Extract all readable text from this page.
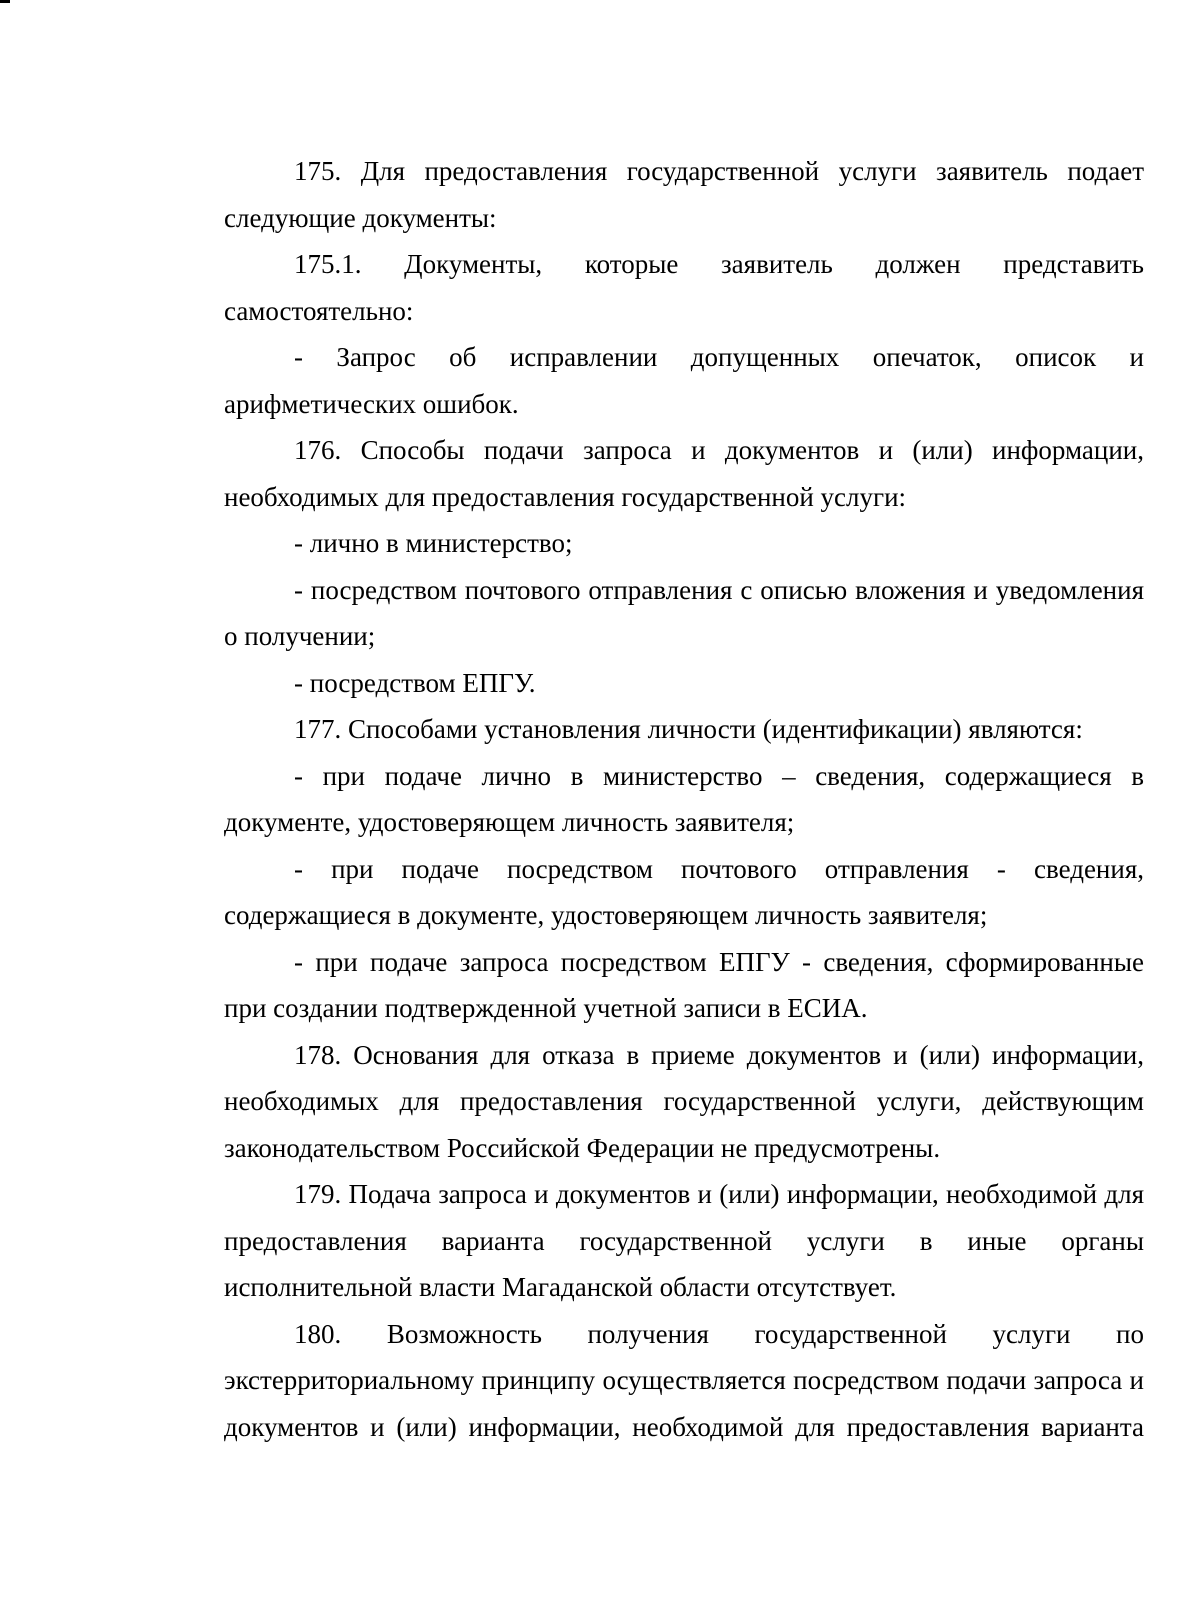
175. Для предоставления государственной услуги заявитель подает следующие документы:

175.1. Документы, которые заявитель должен представить самостоятельно:

- Запрос об исправлении допущенных опечаток, описок и арифметических ошибок.

176. Способы подачи запроса и документов и (или) информации, необходимых для предоставления государственной услуги:

- лично в министерство;

- посредством почтового отправления с описью вложения и уведомления о получении;

- посредством ЕПГУ.

177. Способами установления личности (идентификации) являются:

- при подаче лично в министерство – сведения, содержащиеся в документе, удостоверяющем личность заявителя;

- при подаче посредством почтового отправления - сведения, содержащиеся в документе, удостоверяющем личность заявителя;

- при подаче запроса посредством ЕПГУ - сведения, сформированные при создании подтвержденной учетной записи в ЕСИА.

178. Основания для отказа в приеме документов и (или) информации, необходимых для предоставления государственной услуги, действующим законодательством Российской Федерации не предусмотрены.

179. Подача запроса и документов и (или) информации, необходимой для предоставления варианта государственной услуги в иные органы исполнительной власти Магаданской области отсутствует.

180. Возможность получения государственной услуги по экстерриториальному принципу осуществляется посредством подачи запроса и документов и (или) информации, необходимой для предоставления варианта
